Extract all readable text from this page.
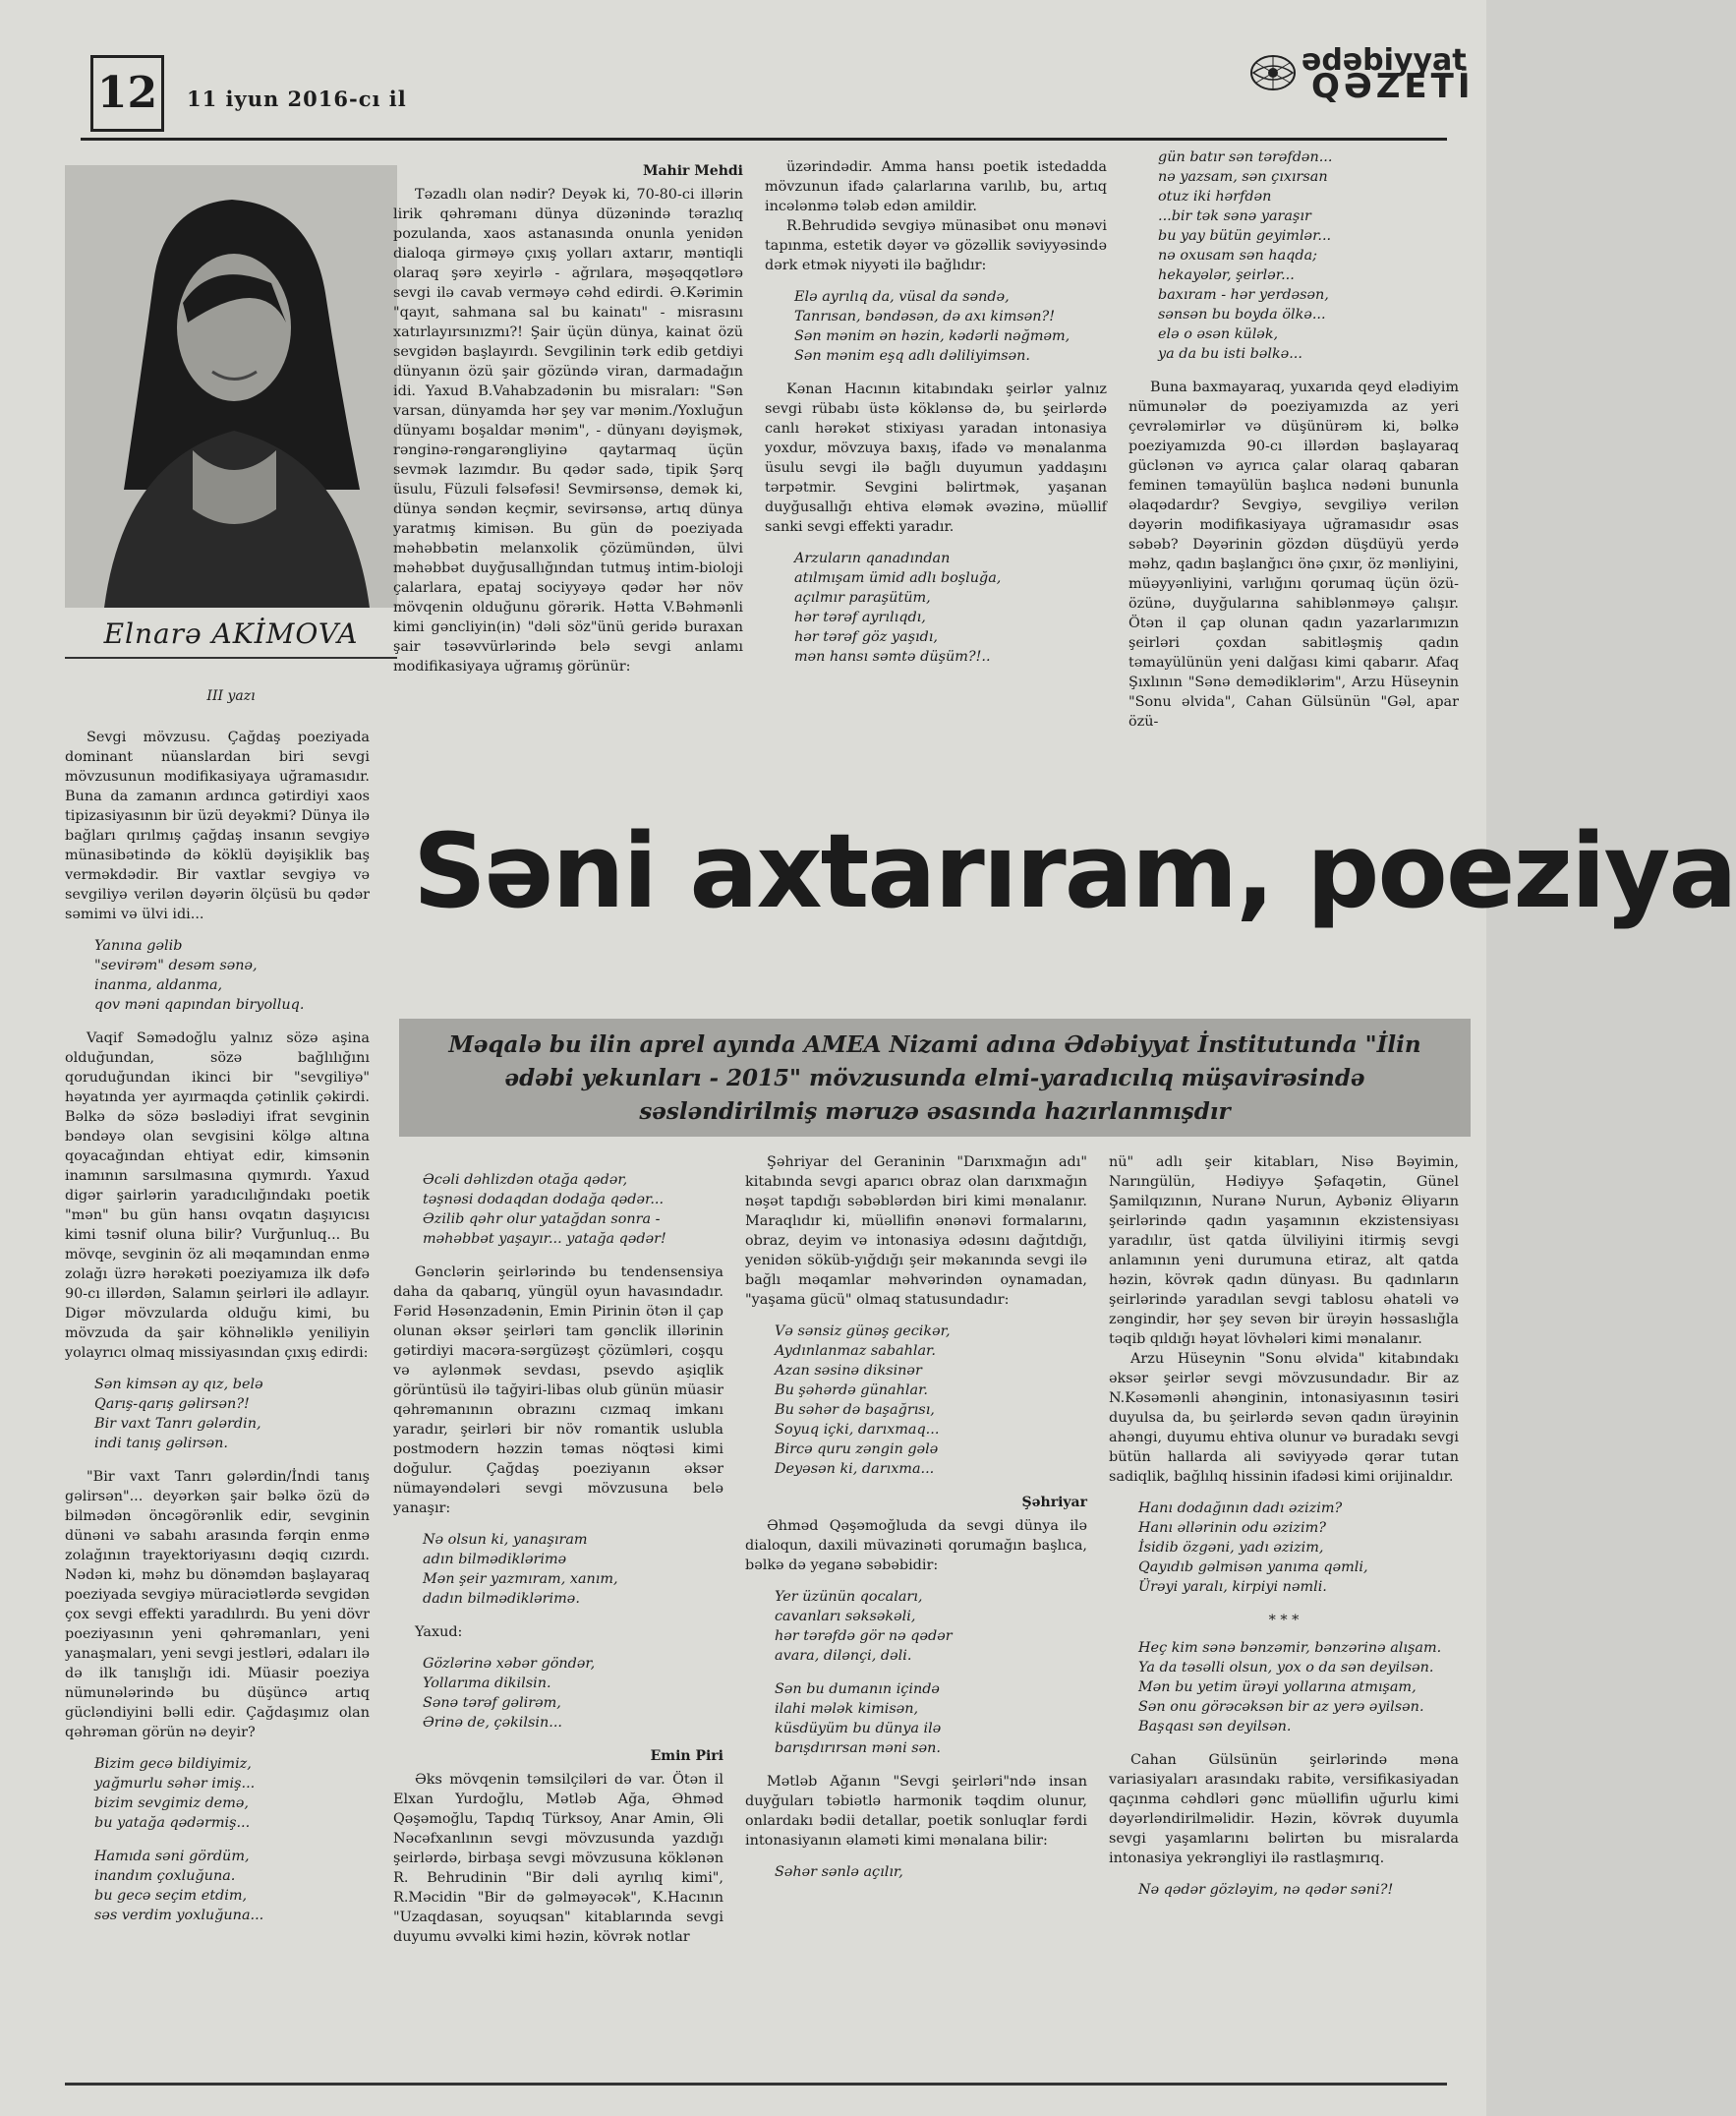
12	11 iyun 2016-cı il
ədəbiyyat
QƏZETİ
Elnarə AKİMOVA
III yazı

Sevgi mövzusu. Çağdaş poeziyada dominant nüanslardan biri sevgi mövzusunun modifikasiyaya uğramasıdır. Buna da zamanın ardınca gətirdiyi xaos tipizasiyasının bir üzü deyəkmi? Dünya ilə bağları qırılmış çağdaş insanın sevgiyə münasibətində də köklü dəyişiklik baş verməkdədir. Bir vaxtlar sevgiyə və sevgiliyə verilən dəyərin ölçüsü bu qədər səmimi və ülvi idi...

Yanına gəlib
"sevirəm" desəm sənə,
inanma, aldanma,
qov məni qapından biryolluq.

Vaqif Səmədoğlu yalnız sözə aşina olduğundan, sözə bağlılığını qoruduğundan ikinci bir "sevgiliyə" həyatında yer ayırmaqda çətinlik çəkirdi. Bəlkə də sözə bəslədiyi ifrat sevginin bəndəyə olan sevgisini kölgə altına qoyacağından ehtiyat edir, kimsənin inamının sarsılmasına qıymırdı. Yaxud digər şairlərin yaradıcılığındakı poetik "mən" bu gün hansı ovqatın daşıyıcısı kimi təsnif oluna bilir? Vurğunluq... Bu mövqe, sevginin öz ali məqamından enmə zolağı üzrə hərəkəti poeziyamıza ilk dəfə 90-cı illərdən, Salamın şeirləri ilə adlayır. Digər mövzularda olduğu kimi, bu mövzuda da şair köhnəliklə yeniliyin yolayrıcı olmaq missiyasından çıxış edirdi:

Sən kimsən ay qız, belə
Qarış-qarış gəlirsən?!
Bir vaxt Tanrı gələrdin,
indi tanış gəlirsən.

"Bir vaxt Tanrı gələrdin/İndi tanış gəlirsən"... deyərkən şair bəlkə özü də bilmədən öncəgörənlik edir, sevginin dünəni və sabahı arasında fərqin enmə zolağının trayektoriyasını dəqiq cızırdı. Nədən ki, məhz bu dönəmdən başlayaraq poeziyada sevgiyə müraciətlərdə sevgidən çox sevgi effekti yaradılırdı. Bu yeni dövr poeziyasının yeni qəhrəmanları, yeni yanaşmaları, yeni sevgi jestləri, ədaları ilə də ilk tanışlığı idi. Müasir poeziya nümunələrində bu düşüncə artıq gücləndiyini bəlli edir. Çağdaşımız olan qəhrəman görün nə deyir?

Bizim gecə bildiyimiz,
yağmurlu səhər imiş...
bizim sevgimiz demə,
bu yatağa qədərmiş...
Hamıda səni gördüm,
inandım çoxluğuna.
bu gecə seçim etdim,
səs verdim yoxluğuna...
Mahir Mehdi

Təzadlı olan nədir? Deyək ki, 70-80-ci illərin lirik qəhrəmanı dünya düzənində tərazlıq pozulanda, xaos astanasında onunla yenidən dialoqa girməyə çıxış yolları axtarır, məntiqli olaraq şərə xeyirlə - ağrılara, məşəqqətlərə sevgi ilə cavab verməyə cəhd edirdi. Ə.Kərimin "qayıt, sahmana sal bu kainatı" - misrasını xatırlayırsınızmı?! Şair üçün dünya, kainat özü sevgidən başlayırdı. Sevgilinin tərk edib getdiyi dünyanın özü şair gözündə viran, darmadağın idi. Yaxud B.Vahabzadənin bu misraları: "Sən varsan, dünyamda hər şey var mənim./Yoxluğun dünyamı boşaldar mənim", - dünyanı dəyişmək, rənginə-rəngarəngliyinə qaytarmaq üçün sevmək lazımdır. Bu qədər sadə, tipik Şərq üsulu, Füzuli fəlsəfəsi! Sevmirsənsə, demək ki, dünya səndən keçmir, sevirsənsə, artıq dünya yaratmış kimisən. Bu gün də poeziyada məhəbbətin melanxolik çözümündən, ülvi məhəbbət duyğusallığından tutmuş intim-bioloji çalarlara, epataj sociyyəyə qədər hər növ mövqenin olduğunu görərik. Hətta V.Bəhmənli kimi gəncliyin(in) "dəli söz"ünü geridə buraxan şair təsəvvürlərində belə sevgi anlamı modifikasiyaya uğramış görünür:

üzərindədir. Amma hansı poetik istedadda mövzunun ifadə çalarlarına varılıb, bu, artıq incələnmə tələb edən amildir.

R.Behrudidə sevgiyə münasibət onu mənəvi tapınma, estetik dəyər və gözəllik səviyyəsində dərk etmək niyyəti ilə bağlıdır:

Elə ayrılıq da, vüsal da səndə,
Tanrısan, bəndəsən, də axı kimsən?!
Sən mənim ən həzin, kədərli nəğməm,
Sən mənim eşq adlı dəliliyimsən.

Kənan Hacının kitabındakı şeirlər yalnız sevgi rübabı üstə köklənsə də, bu şeirlərdə canlı hərəkət stixiyası yaradan intonasiya yoxdur, mövzuya baxış, ifadə və mənalanma üsulu sevgi ilə bağlı duyumun yaddaşını tərpətmir. Sevgini bəlirtmək, yaşanan duyğusallığı ehtiva eləmək əvəzinə, müəllif sanki sevgi effekti yaradır.

Arzuların qanadından
atılmışam ümid adlı boşluğa,
açılmır paraşütüm,
hər tərəf ayrılıqdı,
hər tərəf göz yaşıdı,
mən hansı səmtə düşüm?!..
gün batır sən tərəfdən...
nə yazsam, sən çıxırsan
otuz iki hərfdən
...bir tək sənə yaraşır
bu yay bütün geyimlər...
nə oxusam sən haqda;
hekayələr, şeirlər...
baxıram - hər yerdəsən,
sənsən bu boyda ölkə...
elə o əsən külək,
ya da bu isti bəlkə...

Buna baxmayaraq, yuxarıda qeyd elədiyim nümunələr də poeziyamızda az yeri çevrələmirlər və düşünürəm ki, bəlkə poeziyamızda 90-cı illərdən başlayaraq güclənən və ayrıca çalar olaraq qabaran feminen təmayülün başlıca nədəni bununla əlaqədardır? Sevgiyə, sevgiliyə verilən dəyərin modifikasiyaya uğramasıdır əsas səbəb? Dəyərinin gözdən düşdüyü yerdə məhz, qadın başlanğıcı önə çıxır, öz mənliyini, müəyyənliyini, varlığını qorumaq üçün özü-özünə, duyğularına sahiblənməyə çalışır. Ötən il çap olunan qadın yazarlarımızın şeirləri çoxdan sabitləşmiş qadın təmayülünün yeni dalğası kimi qabarır. Afaq Şıxlının "Sənə demədiklərim", Arzu Hüseynin "Sonu əlvida", Cahan Gülsünün "Gəl, apar özü-

Səni axtarıram, poeziya
Məqalə bu ilin aprel ayında AMEA Nizami adına Ədəbiyyat İnstitutunda "İlin ədəbi yekunları - 2015" mövzusunda elmi-yaradıcılıq müşavirəsində səsləndirilmiş məruzə əsasında hazırlanmışdır
Əcəli dəhlizdən otağa qədər,
təşnəsi dodaqdan dodağa qədər...
Əzilib qəhr olur yatağdan sonra -
məhəbbət yaşayır... yatağa qədər!

Gənclərin şeirlərində bu tendensensiya daha da qabarıq, yüngül oyun havasındadır. Fərid Həsənzadənin, Emin Pirinin ötən il çap olunan əksər şeirləri tam gənclik illərinin gətirdiyi macəra-sərgüzəşt çözümləri, coşqu və aylənmək sevdası, psevdo aşiqlik görüntüsü ilə tağyiri-libas olub günün müasir qəhrəmanının obrazını cızmaq imkanı yaradır, şeirləri bir növ romantik uslubla postmodern həzzin təmas nöqtəsi kimi doğulur. Çağdaş poeziyanın əksər nümayəndələri sevgi mövzusuna belə yanaşır:

Nə olsun ki, yanaşıram
adın bilmədiklərimə
Mən şeir yazmıram, xanım,
dadın bilmədiklərimə.

Yaxud:

Gözlərinə xəbər göndər,
Yollarıma dikilsin.
Sənə tərəf gəlirəm,
Ərinə de, çəkilsin...
Emin Piri

Əks mövqenin təmsilçiləri də var. Ötən il Elxan Yurdoğlu, Mətləb Ağa, Əhməd Qəşəmoğlu, Tapdıq Türksoy, Anar Amin, Əli Nəcəfxanlının sevgi mövzusunda yazdığı şeirlərdə, birbaşa sevgi mövzusuna köklənən R. Behrudinin "Bir dəli ayrılıq kimi", R.Məcidin "Bir də gəlməyəcək", K.Hacının "Uzaqdasan, soyuqsan" kitablarında sevgi duyumu əvvəlki kimi həzin, kövrək notlar

Şəhriyar del Geraninin "Darıxmağın adı" kitabında sevgi aparıcı obraz olan darıxmağın nəşət tapdığı səbəblərdən biri kimi mənalanır. Maraqlıdır ki, müəllifin ənənəvi formalarını, obraz, deyim və intonasiya ədəsını dağıtdığı, yenidən söküb-yığdığı şeir məkanında sevgi ilə bağlı məqamlar məhvərindən oynamadan, "yaşama gücü" olmaq statusundadır:

Və sənsiz günəş gecikər,
Aydınlanmaz sabahlar.
Azan səsinə diksinər
Bu şəhərdə günahlar.
Bu səhər də başağrısı,
Soyuq içki, darıxmaq...
Bircə quru zəngin gələ
Deyəsən ki, darıxma...
Şəhriyar

Əhməd Qəşəmoğluda da sevgi dünya ilə dialoqun, daxili müvazinəti qorumağın başlıca, bəlkə də yeganə səbəbidir:

Yer üzünün qocaları,
cavanları səksəkəli,
hər tərəfdə gör nə qədər
avara, dilənçi, dəli.
Sən bu dumanın içində
ilahi mələk kimisən,
küsdüyüm bu dünya ilə
barışdırırsan məni sən.

Mətləb Ağanın "Sevgi şeirləri"ndə insan duyğuları təbiətlə harmonik təqdim olunur, onlardakı bədii detallar, poetik sonluqlar fərdi intonasiyanın əlaməti kimi mənalana bilir:

Səhər sənlə açılır,

nü" adlı şeir kitabları, Nisə Bəyimin, Narıngülün, Hədiyyə Şəfaqətin, Günel Şamilqızının, Nuranə Nurun, Aybəniz Əliyarın şeirlərində qadın yaşamının ekzistensiyası yaradılır, üst qatda ülviliyini itirmiş sevgi anlamının yeni durumuna etiraz, alt qatda həzin, kövrək qadın dünyası. Bu qadınların şeirlərində yaradılan sevgi tablosu əhatəli və zəngindir, hər şey sevən bir ürəyin həssaslığla təqib qıldığı həyat lövhələri kimi mənalanır.

Arzu Hüseynin "Sonu əlvida" kitabındakı əksər şeirlər sevgi mövzusundadır. Bir az N.Kəsəmənli ahənginin, intonasiyasının təsiri duyulsa da, bu şeirlərdə sevən qadın ürəyinin ahəngi, duyumu ehtiva olunur və buradakı sevgi bütün hallarda ali səviyyədə qərar tutan sadiqlik, bağlılıq hissinin ifadəsi kimi orijinaldır.

Hanı dodağının dadı əzizim?
Hanı əllərinin odu əzizim?
İsidib özgəni, yadı əzizim,
Qayıdıb gəlmisən yanıma qəmli,
Ürəyi yaralı, kirpiyi nəmli.
* * *
Heç kim sənə bənzəmir, bənzərinə alışam.
Ya da təsəlli olsun, yox o da sən deyilsən.
Mən bu yetim ürəyi yollarına atmışam,
Sən onu görəcəksən bir az yerə əyilsən.
Başqası sən deyilsən.

Cahan Gülsünün şeirlərində məna variasiyaları arasındakı rabitə, versifikasiyadan qaçınma cəhdləri gənc müəllifin uğurlu kimi dəyərləndirilməlidir. Həzin, kövrək duyumla sevgi yaşamlarını bəlirtən bu misralarda intonasiya yekrəngliyi ilə rastlaşmırıq.

Nə qədər gözləyim, nə qədər səni?!
